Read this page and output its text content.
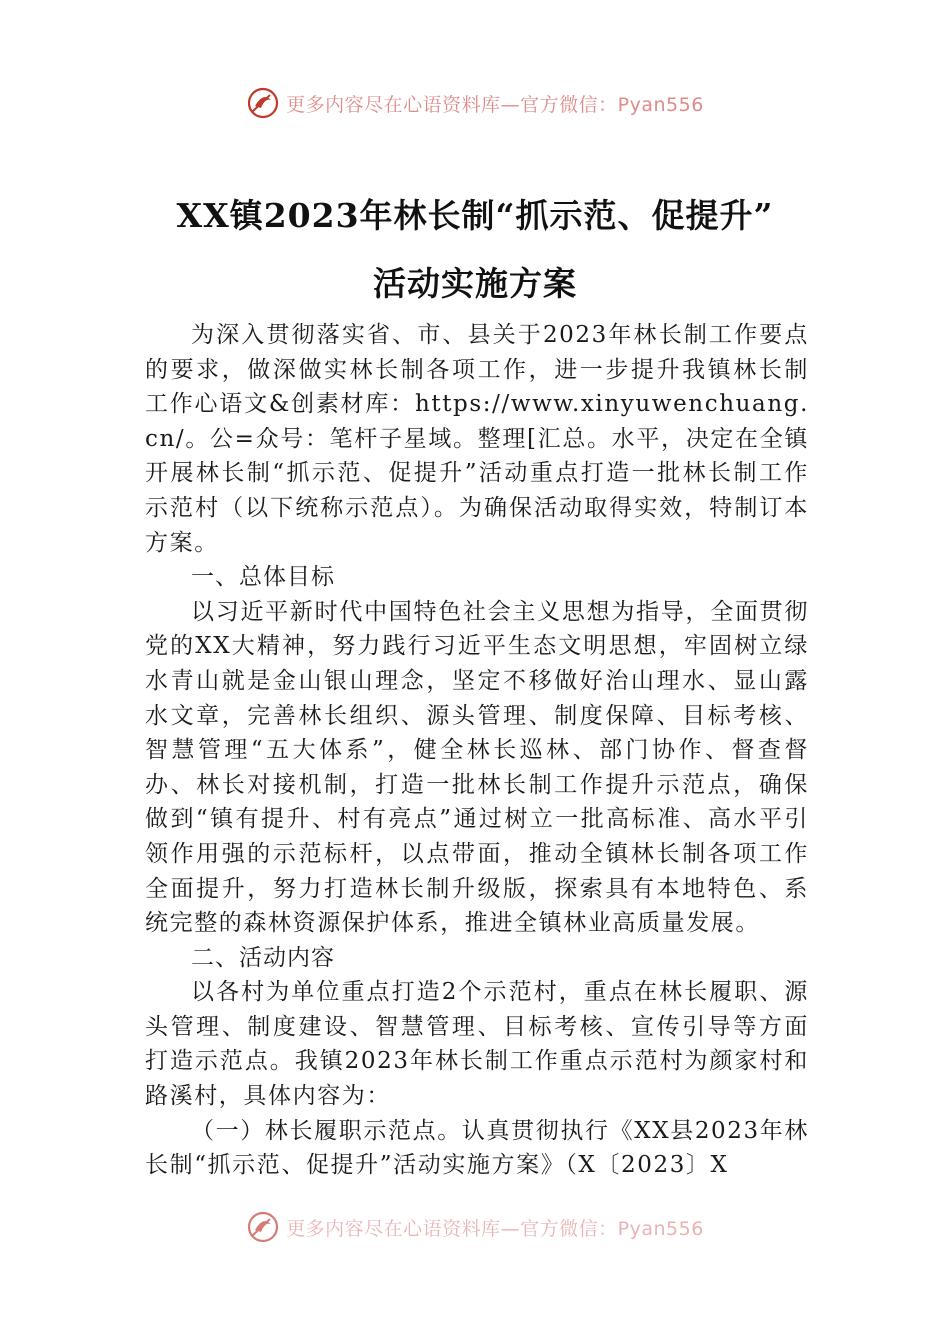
更多内容尽在心语资料库—官方微信：Pyan556
XX镇2023年林长制“抓示范、促提升”
活动实施方案

为深入贯彻落实省、市、县关于2023年林长制工作要点的要求，做深做实林长制各项工作，进一步提升我镇林长制工作心语文&创素材库：https://www.xinyuwenchuang.cn/。公=众号：笔杆子星域。整理[汇总。水平，决定在全镇开展林长制“抓示范、促提升”活动重点打造一批林长制工作示范村（以下统称示范点）。为确保活动取得实效，特制订本方案。

一、总体目标

以习近平新时代中国特色社会主义思想为指导，全面贯彻党的XX大精神，努力践行习近平生态文明思想，牢固树立绿水青山就是金山银山理念，坚定不移做好治山理水、显山露水文章，完善林长组织、源头管理、制度保障、目标考核、智慧管理“五大体系”，健全林长巡林、部门协作、督查督办、林长对接机制，打造一批林长制工作提升示范点，确保做到“镇有提升、村有亮点”通过树立一批高标准、高水平引领作用强的示范标杆，以点带面，推动全镇林长制各项工作全面提升，努力打造林长制升级版，探索具有本地特色、系统完整的森林资源保护体系，推进全镇林业高质量发展。

二、活动内容

以各村为单位重点打造2个示范村，重点在林长履职、源头管理、制度建设、智慧管理、目标考核、宣传引导等方面打造示范点。我镇2023年林长制工作重点示范村为颜家村和路溪村，具体内容为：

（一）林长履职示范点。认真贯彻执行《XX县2023年林长制“抓示范、促提升”活动实施方案》（X〔2023〕X

更多内容尽在心语资料库—官方微信：Pyan556
